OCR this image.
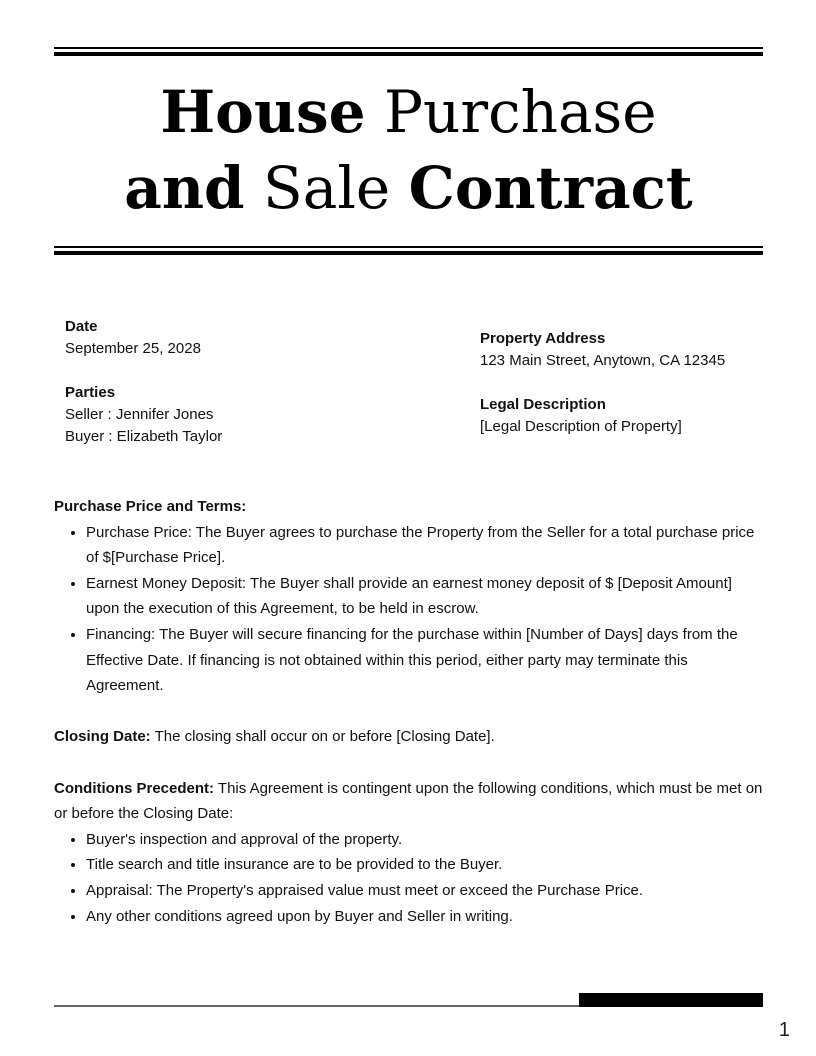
House Purchase
and Sale Contract
Date
September 25, 2028
Parties
Seller : Jennifer Jones
Buyer : Elizabeth Taylor
Property Address
123 Main Street, Anytown, CA 12345
Legal Description
[Legal Description of Property]

Purchase Price and Terms:

• Purchase Price: The Buyer agrees to purchase the Property from the Seller for a total purchase price of $[Purchase Price].
• Earnest Money Deposit: The Buyer shall provide an earnest money deposit of $ [Deposit Amount] upon the execution of this Agreement, to be held in escrow.
• Financing: The Buyer will secure financing for the purchase within [Number of Days] days from the Effective Date. If financing is not obtained within this period, either party may terminate this Agreement.

Closing Date: The closing shall occur on or before [Closing Date].

Conditions Precedent: This Agreement is contingent upon the following conditions, which must be met on or before the Closing Date:

• Buyer's inspection and approval of the property.
• Title search and title insurance are to be provided to the Buyer.
• Appraisal: The Property's appraised value must meet or exceed the Purchase Price.
• Any other conditions agreed upon by Buyer and Seller in writing.
1
